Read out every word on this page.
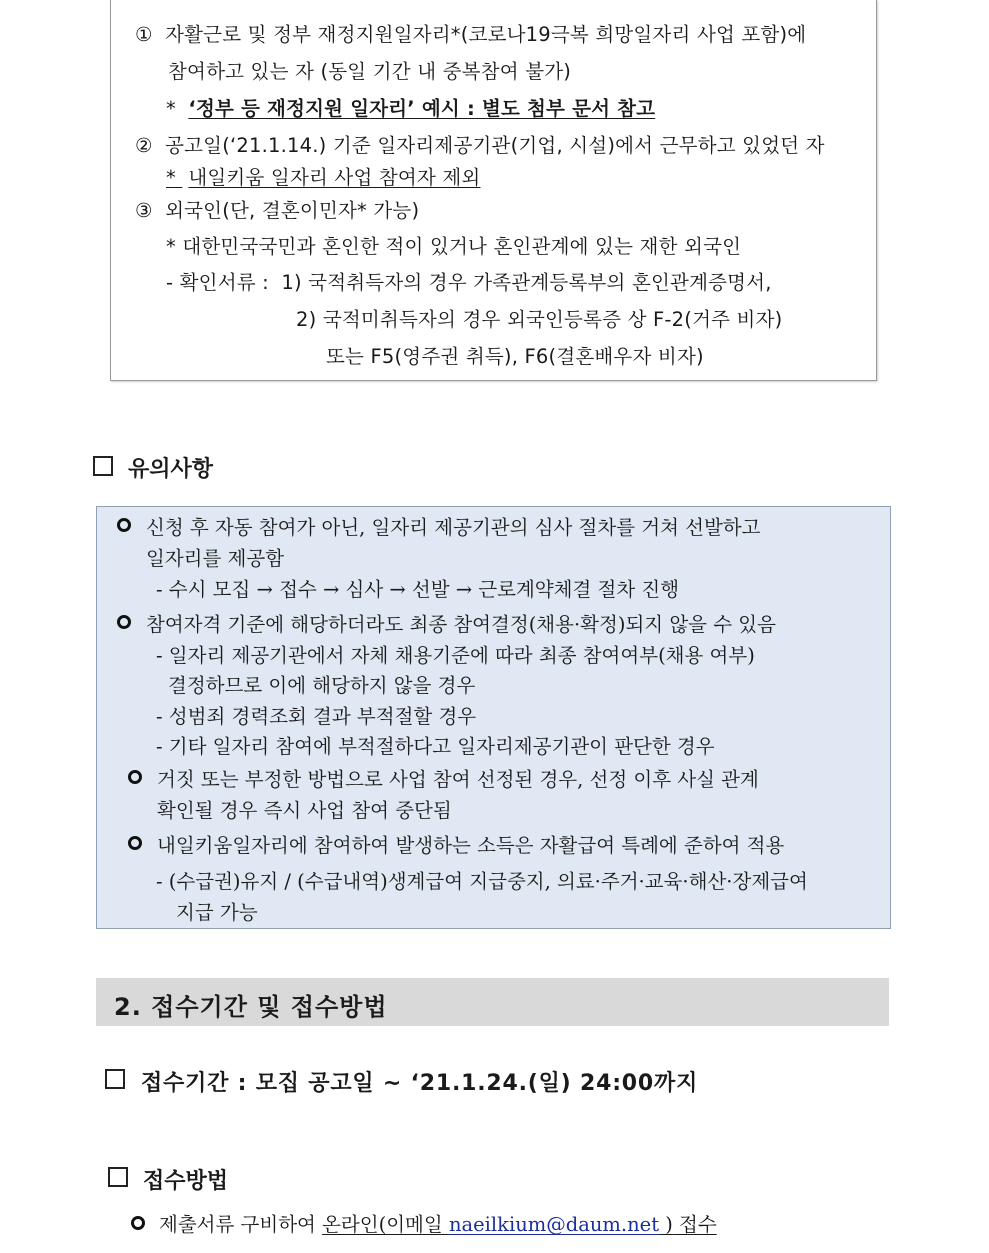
① 자활근로 및 정부 재정지원일자리*(코로나19극복 희망일자리 사업 포함)에
참여하고 있는 자 (동일 기간 내 중복참여 불가)
* ‘정부 등 재정지원 일자리’ 예시 : 별도 첨부 문서 참고
② 공고일(‘21.1.14.) 기준 일자리제공기관(기업, 시설)에서 근무하고 있었던 자
* 내일키움 일자리 사업 참여자 제외
③ 외국인(단, 결혼이민자* 가능)
* 대한민국국민과 혼인한 적이 있거나 혼인관계에 있는 재한 외국인
- 확인서류 : 1) 국적취득자의 경우 가족관계등록부의 혼인관계증명서,
2) 국적미취득자의 경우 외국인등록증 상 F-2(거주 비자)
또는 F5(영주권 취득), F6(결혼배우자 비자)
유의사항
신청 후 자동 참여가 아닌, 일자리 제공기관의 심사 절차를 거쳐 선발하고
일자리를 제공함
- 수시 모집 → 접수 → 심사 → 선발 → 근로계약체결 절차 진행
참여자격 기준에 해당하더라도 최종 참여결정(채용·확정)되지 않을 수 있음
- 일자리 제공기관에서 자체 채용기준에 따라 최종 참여여부(채용 여부)
결정하므로 이에 해당하지 않을 경우
- 성범죄 경력조회 결과 부적절할 경우
- 기타 일자리 참여에 부적절하다고 일자리제공기관이 판단한 경우
거짓 또는 부정한 방법으로 사업 참여 선정된 경우, 선정 이후 사실 관계
확인될 경우 즉시 사업 참여 중단됨
내일키움일자리에 참여하여 발생하는 소득은 자활급여 특례에 준하여 적용
- (수급권)유지 / (수급내역)생계급여 지급중지, 의료·주거·교육·해산·장제급여
지급 가능
2. 접수기간 및 접수방법
접수기간 : 모집 공고일 ~ ‘21.1.24.(일) 24:00까지
접수방법
제출서류 구비하여 온라인(이메일 naeilkium@daum.net ) 접수
